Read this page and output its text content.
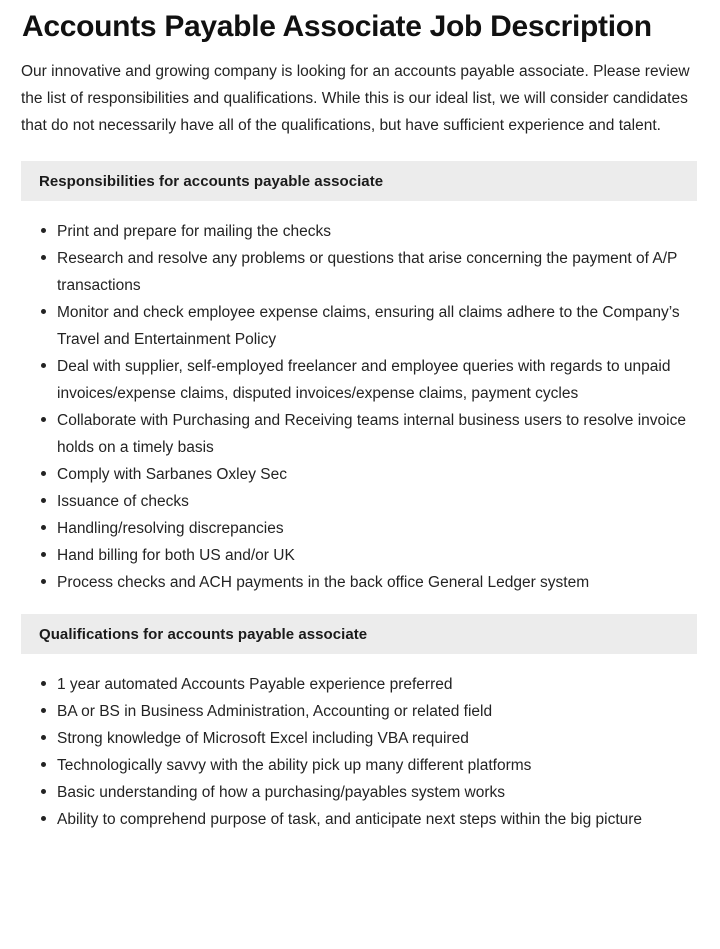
Accounts Payable Associate Job Description

Our innovative and growing company is looking for an accounts payable associate. Please review the list of responsibilities and qualifications. While this is our ideal list, we will consider candidates that do not necessarily have all of the qualifications, but have sufficient experience and talent.

Responsibilities for accounts payable associate
Print and prepare for mailing the checks
Research and resolve any problems or questions that arise concerning the payment of A/P transactions
Monitor and check employee expense claims, ensuring all claims adhere to the Company’s Travel and Entertainment Policy
Deal with supplier, self-employed freelancer and employee queries with regards to unpaid invoices/expense claims, disputed invoices/expense claims, payment cycles
Collaborate with Purchasing and Receiving teams internal business users to resolve invoice holds on a timely basis
Comply with Sarbanes Oxley Sec
Issuance of checks
Handling/resolving discrepancies
Hand billing for both US and/or UK
Process checks and ACH payments in the back office General Ledger system
Qualifications for accounts payable associate
1 year automated Accounts Payable experience preferred
BA or BS in Business Administration, Accounting or related field
Strong knowledge of Microsoft Excel including VBA required
Technologically savvy with the ability pick up many different platforms
Basic understanding of how a purchasing/payables system works
Ability to comprehend purpose of task, and anticipate next steps within the big picture
